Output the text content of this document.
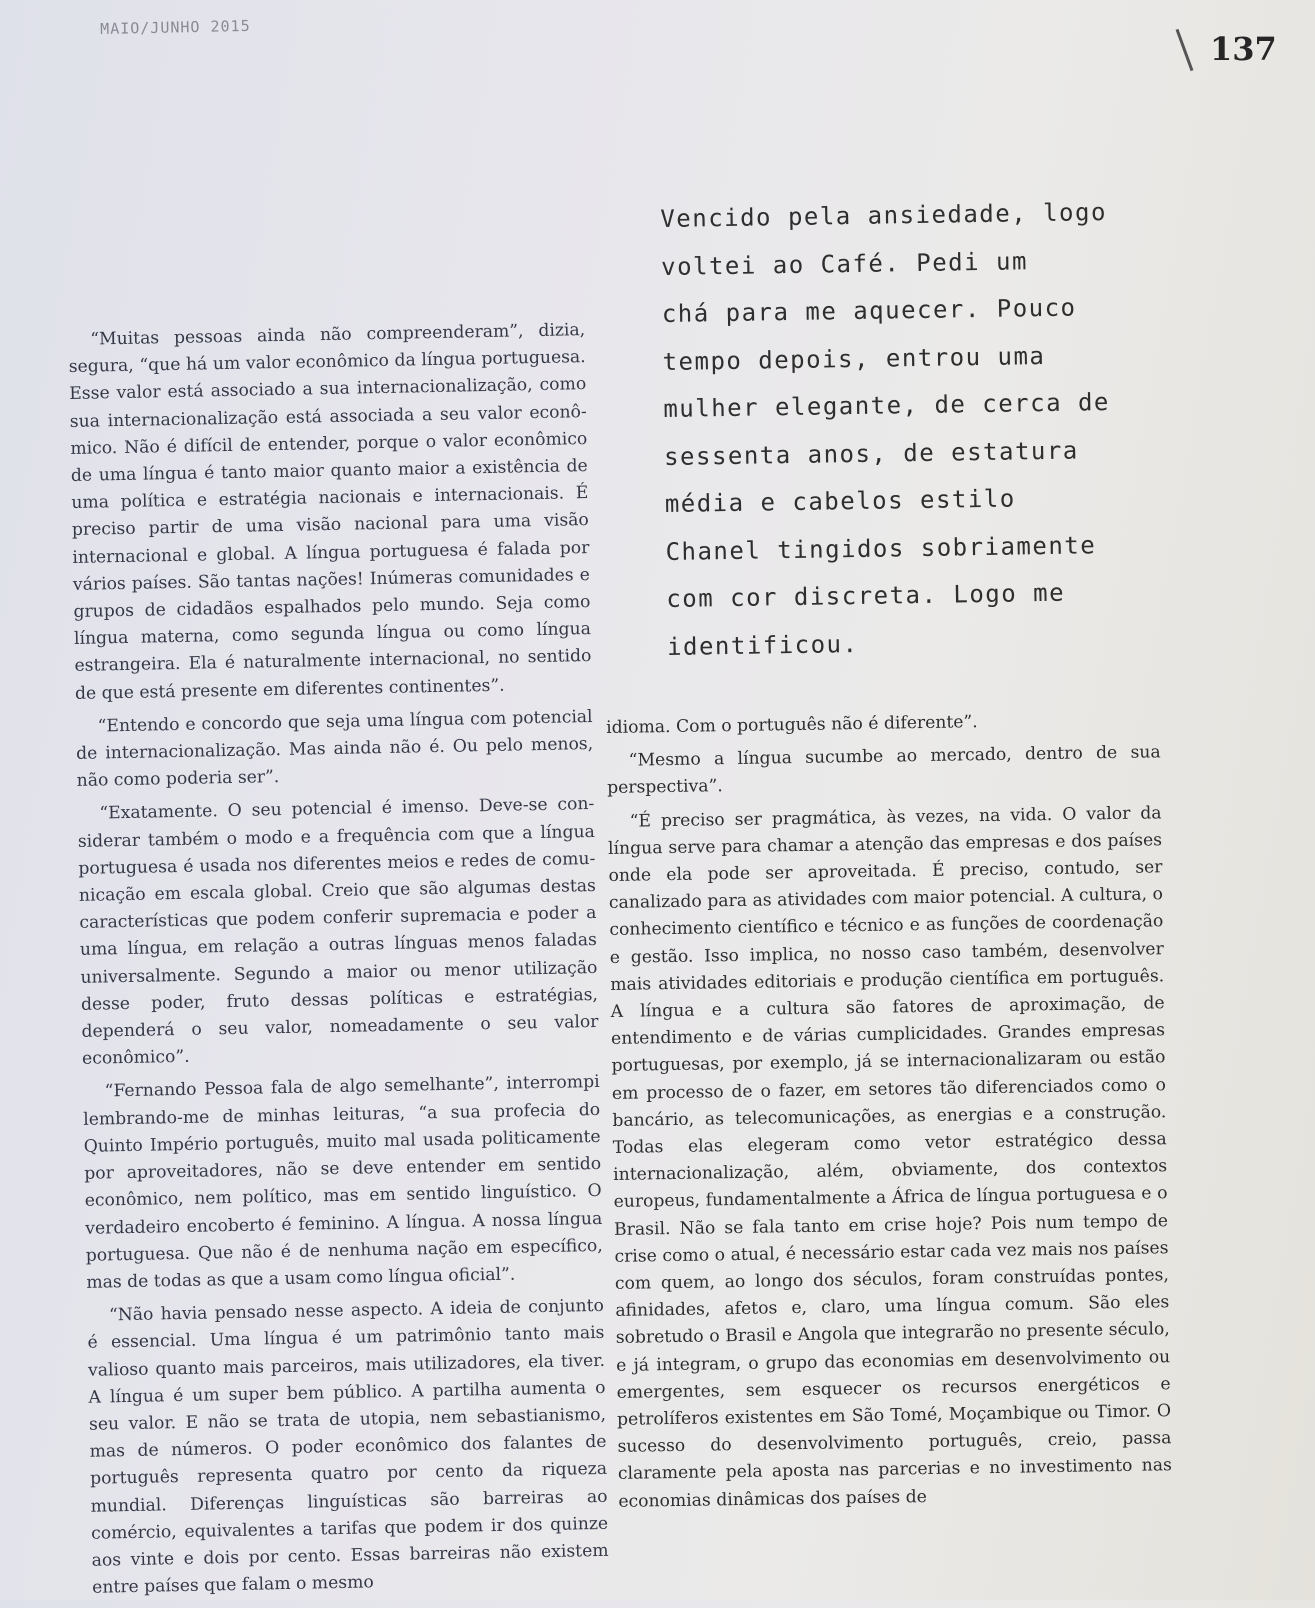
MAIO/JUNHO 2015
137
Vencido pela ansiedade, logo
voltei ao Café. Pedi um
chá para me aquecer. Pouco
tempo depois, entrou uma
mulher elegante, de cerca de
sessenta anos, de estatura
média e cabelos estilo
Chanel tingidos sobriamente
com cor discreta. Logo me
identificou.

“Muitas pessoas ainda não compreenderam”, dizia, segura, “que há um valor econômico da língua portuguesa. Esse valor está associado a sua internacionalização, como sua internacionalização está associada a seu valor econômico. Não é difícil de entender, porque o valor econômico de uma língua é tanto maior quanto maior a existência de uma política e estratégia nacionais e internacionais. É preciso partir de uma visão nacional para uma visão internacional e global. A língua portuguesa é falada por vários países. São tantas nações! Inúmeras comunidades e grupos de cidadãos espalhados pelo mundo. Seja como língua materna, como segunda língua ou como língua estrangeira. Ela é naturalmente internacional, no sentido de que está presente em diferentes continentes”.

“Entendo e concordo que seja uma língua com potencial de internacionalização. Mas ainda não é. Ou pelo menos, não como poderia ser”.

“Exatamente. O seu potencial é imenso. Deve-se considerar também o modo e a frequência com que a língua portuguesa é usada nos diferentes meios e redes de comunicação em escala global. Creio que são algumas destas características que podem conferir supremacia e poder a uma língua, em relação a outras línguas menos faladas universalmente. Segundo a maior ou menor utilização desse poder, fruto dessas políticas e estratégias, dependerá o seu valor, nomeadamente o seu valor econômico”.

“Fernando Pessoa fala de algo semelhante”, interrompi lembrando-me de minhas leituras, “a sua profecia do Quinto Império português, muito mal usada politicamente por aproveitadores, não se deve entender em sentido econômico, nem político, mas em sentido linguístico. O verdadeiro encoberto é feminino. A língua. A nossa língua portuguesa. Que não é de nenhuma nação em específico, mas de todas as que a usam como língua oficial”.

“Não havia pensado nesse aspecto. A ideia de conjunto é essencial. Uma língua é um patrimônio tanto mais valioso quanto mais parceiros, mais utilizadores, ela tiver. A língua é um super bem público. A partilha aumenta o seu valor. E não se trata de utopia, nem sebastianismo, mas de números. O poder econômico dos falantes de português representa quatro por cento da riqueza mundial. Diferenças linguísticas são barreiras ao comércio, equivalentes a tarifas que podem ir dos quinze aos vinte e dois por cento. Essas barreiras não existem entre países que falam o mesmo

idioma. Com o português não é diferente”.

“Mesmo a língua sucumbe ao mercado, dentro de sua perspectiva”.

“É preciso ser pragmática, às vezes, na vida. O valor da língua serve para chamar a atenção das empresas e dos países onde ela pode ser aproveitada. É preciso, contudo, ser canalizado para as atividades com maior potencial. A cultura, o conhecimento científico e técnico e as funções de coordenação e gestão. Isso implica, no nosso caso também, desenvolver mais atividades editoriais e produção científica em português. A língua e a cultura são fatores de aproximação, de entendimento e de várias cumplicidades. Grandes empresas portuguesas, por exemplo, já se internacionalizaram ou estão em processo de o fazer, em setores tão diferenciados como o bancário, as telecomunicações, as energias e a construção. Todas elas elegeram como vetor estratégico dessa internacionalização, além, obviamente, dos contextos europeus, fundamentalmente a África de língua portuguesa e o Brasil. Não se fala tanto em crise hoje? Pois num tempo de crise como o atual, é necessário estar cada vez mais nos países com quem, ao longo dos séculos, foram construídas pontes, afinidades, afetos e, claro, uma língua comum. São eles sobretudo o Brasil e Angola que integrarão no presente século, e já integram, o grupo das economias em desenvolvimento ou emergentes, sem esquecer os recursos energéticos e petrolíferos existentes em São Tomé, Moçambique ou Timor. O sucesso do desenvolvimento português, creio, passa claramente pela aposta nas parcerias e no investimento nas economias dinâmicas dos países de
